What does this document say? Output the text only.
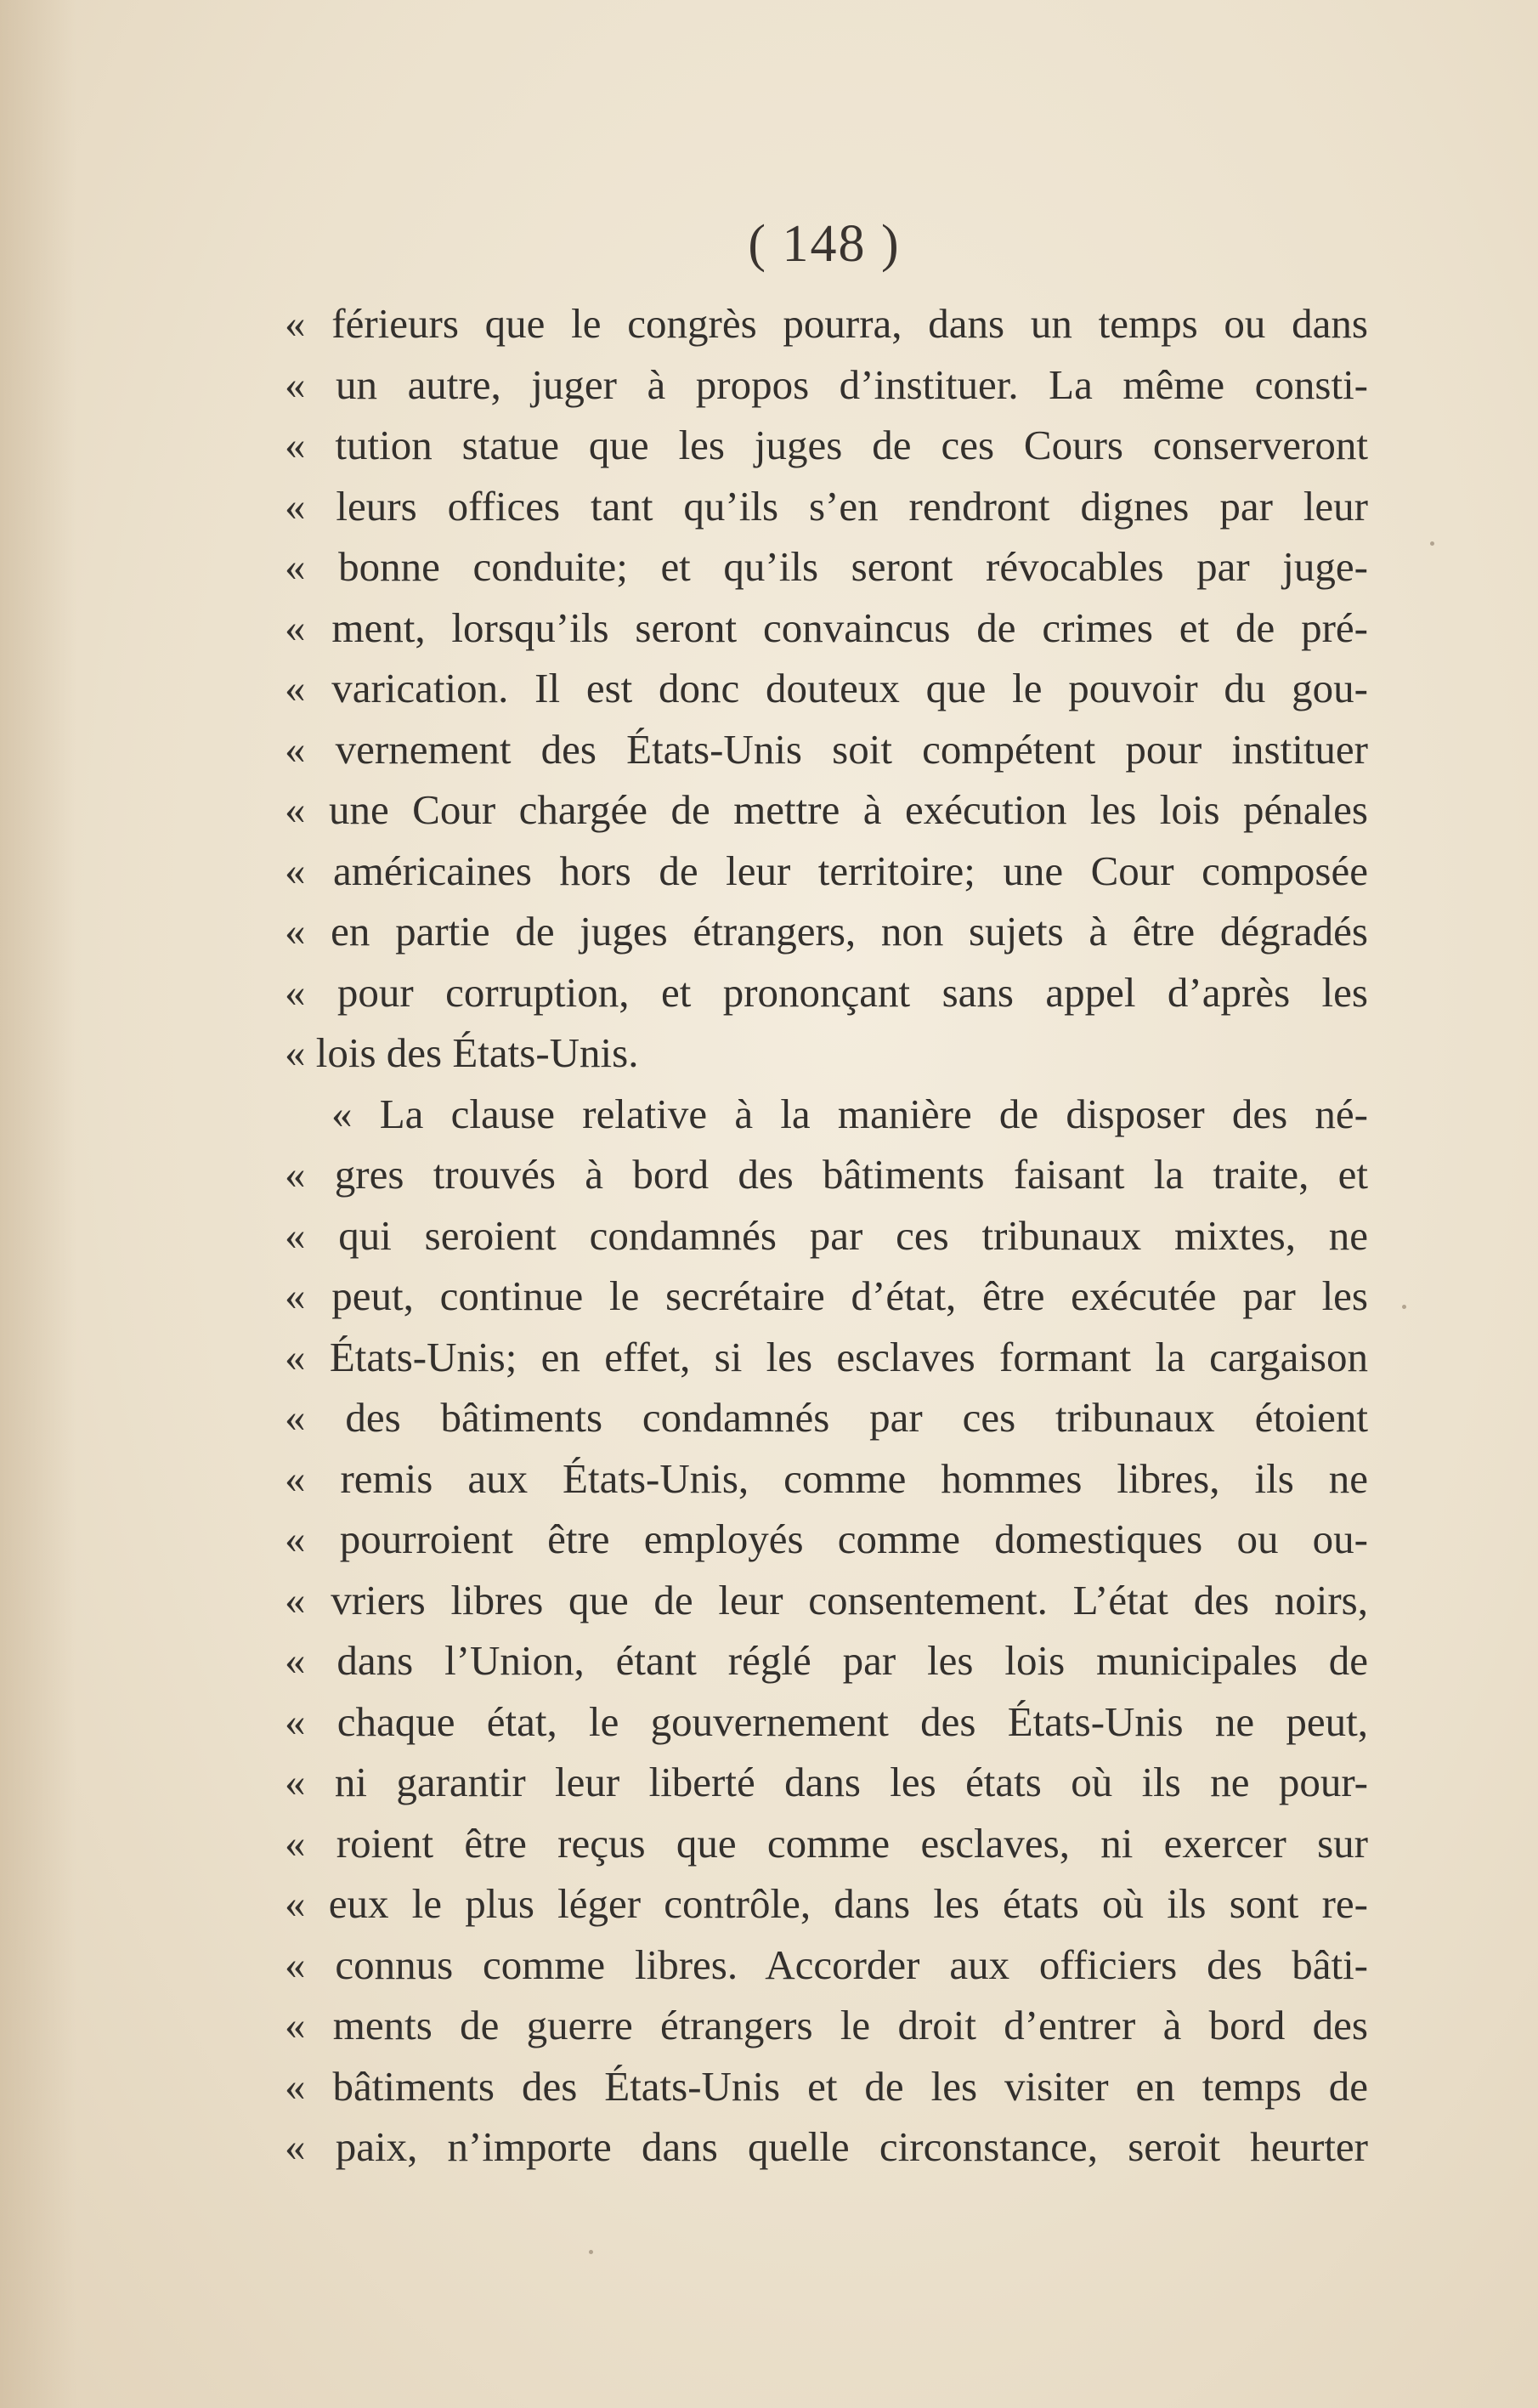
( 148 )
« férieurs que le congrès pourra, dans un temps ou dans
« un autre, juger à propos d’instituer. La même consti-
« tution statue que les juges de ces Cours conserveront
« leurs offices tant qu’ils s’en rendront dignes par leur
« bonne conduite; et qu’ils seront révocables par juge-
« ment, lorsqu’ils seront convaincus de crimes et de pré-
« varication. Il est donc douteux que le pouvoir du gou-
« vernement des États-Unis soit compétent pour instituer
« une Cour chargée de mettre à exécution les lois pénales
« américaines hors de leur territoire; une Cour composée
« en partie de juges étrangers, non sujets à être dégradés
« pour corruption, et prononçant sans appel d’après les
« lois des États-Unis.
« La clause relative à la manière de disposer des né-
« gres trouvés à bord des bâtiments faisant la traite, et
« qui seroient condamnés par ces tribunaux mixtes, ne
« peut, continue le secrétaire d’état, être exécutée par les
« États-Unis; en effet, si les esclaves formant la cargaison
« des bâtiments condamnés par ces tribunaux étoient
« remis aux États-Unis, comme hommes libres, ils ne
« pourroient être employés comme domestiques ou ou-
« vriers libres que de leur consentement. L’état des noirs,
« dans l’Union, étant réglé par les lois municipales de
« chaque état, le gouvernement des États-Unis ne peut,
« ni garantir leur liberté dans les états où ils ne pour-
« roient être reçus que comme esclaves, ni exercer sur
« eux le plus léger contrôle, dans les états où ils sont re-
« connus comme libres. Accorder aux officiers des bâti-
« ments de guerre étrangers le droit d’entrer à bord des
« bâtiments des États-Unis et de les visiter en temps de
« paix, n’importe dans quelle circonstance, seroit heurter
